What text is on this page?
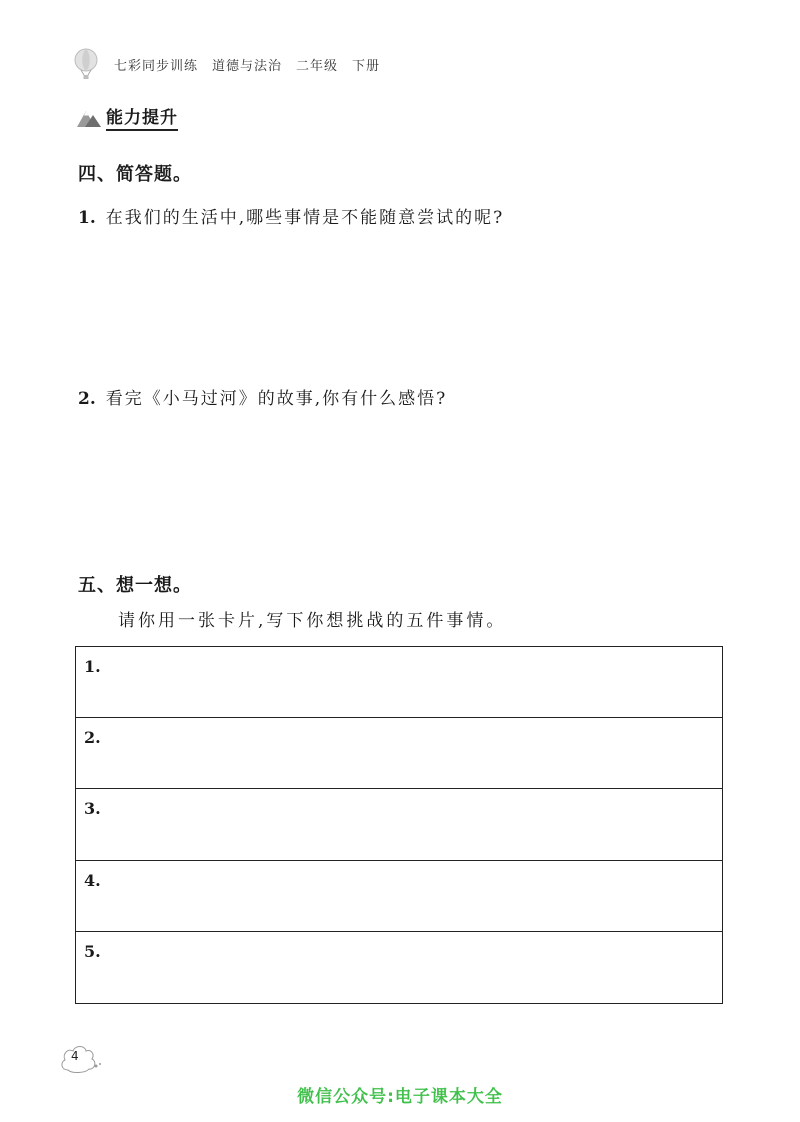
七彩同步训练　道德与法治　二年级　下册
能力提升
四、简答题。
1. 在我们的生活中,哪些事情是不能随意尝试的呢?
2. 看完《小马过河》的故事,你有什么感悟?
五、想一想。
请你用一张卡片,写下你想挑战的五件事情。
1.
2.
3.
4.
5.
4
微信公众号:电子课本大全
